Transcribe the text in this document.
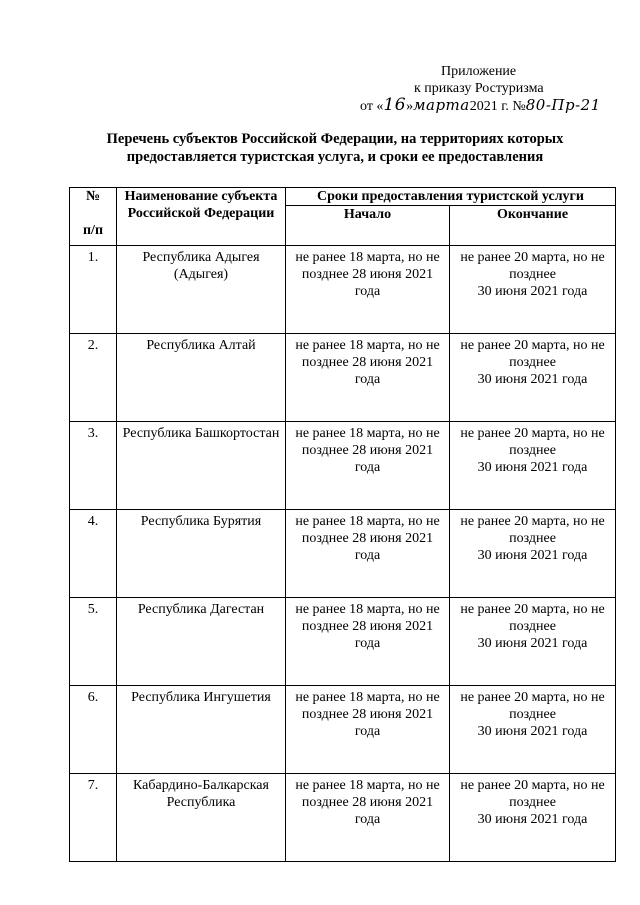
Приложение
к приказу Ростуризма
от «16»марта2021 г. №80-Пр-21
Перечень субъектов Российской Федерации, на территориях которых
предоставляется туристская услуга, и сроки ее предоставления
№
п/п	Наименование субъекта Российской Федерации	Сроки предоставления туристской услуги	
		Начало	Окончание
1.	Республика Адыгея (Адыгея)	не ранее 18 марта, но не позднее 28 июня 2021 года	не ранее 20 марта, но не позднее
30 июня 2021 года

2.	Республика Алтай	не ранее 18 марта, но не позднее 28 июня 2021 года	не ранее 20 марта, но не позднее
30 июня 2021 года

3.	Республика Башкортостан	не ранее 18 марта, но не позднее 28 июня 2021 года	не ранее 20 марта, но не позднее
30 июня 2021 года

4.	Республика Бурятия	не ранее 18 марта, но не позднее 28 июня 2021 года	не ранее 20 марта, но не позднее
30 июня 2021 года

5.	Республика Дагестан	не ранее 18 марта, но не позднее 28 июня 2021 года	не ранее 20 марта, но не позднее
30 июня 2021 года

6.	Республика Ингушетия	не ранее 18 марта, но не позднее 28 июня 2021 года	не ранее 20 марта, но не позднее
30 июня 2021 года

7.	Кабардино-Балкарская Республика	не ранее 18 марта, но не позднее 28 июня 2021 года	не ранее 20 марта, но не позднее
30 июня 2021 года
